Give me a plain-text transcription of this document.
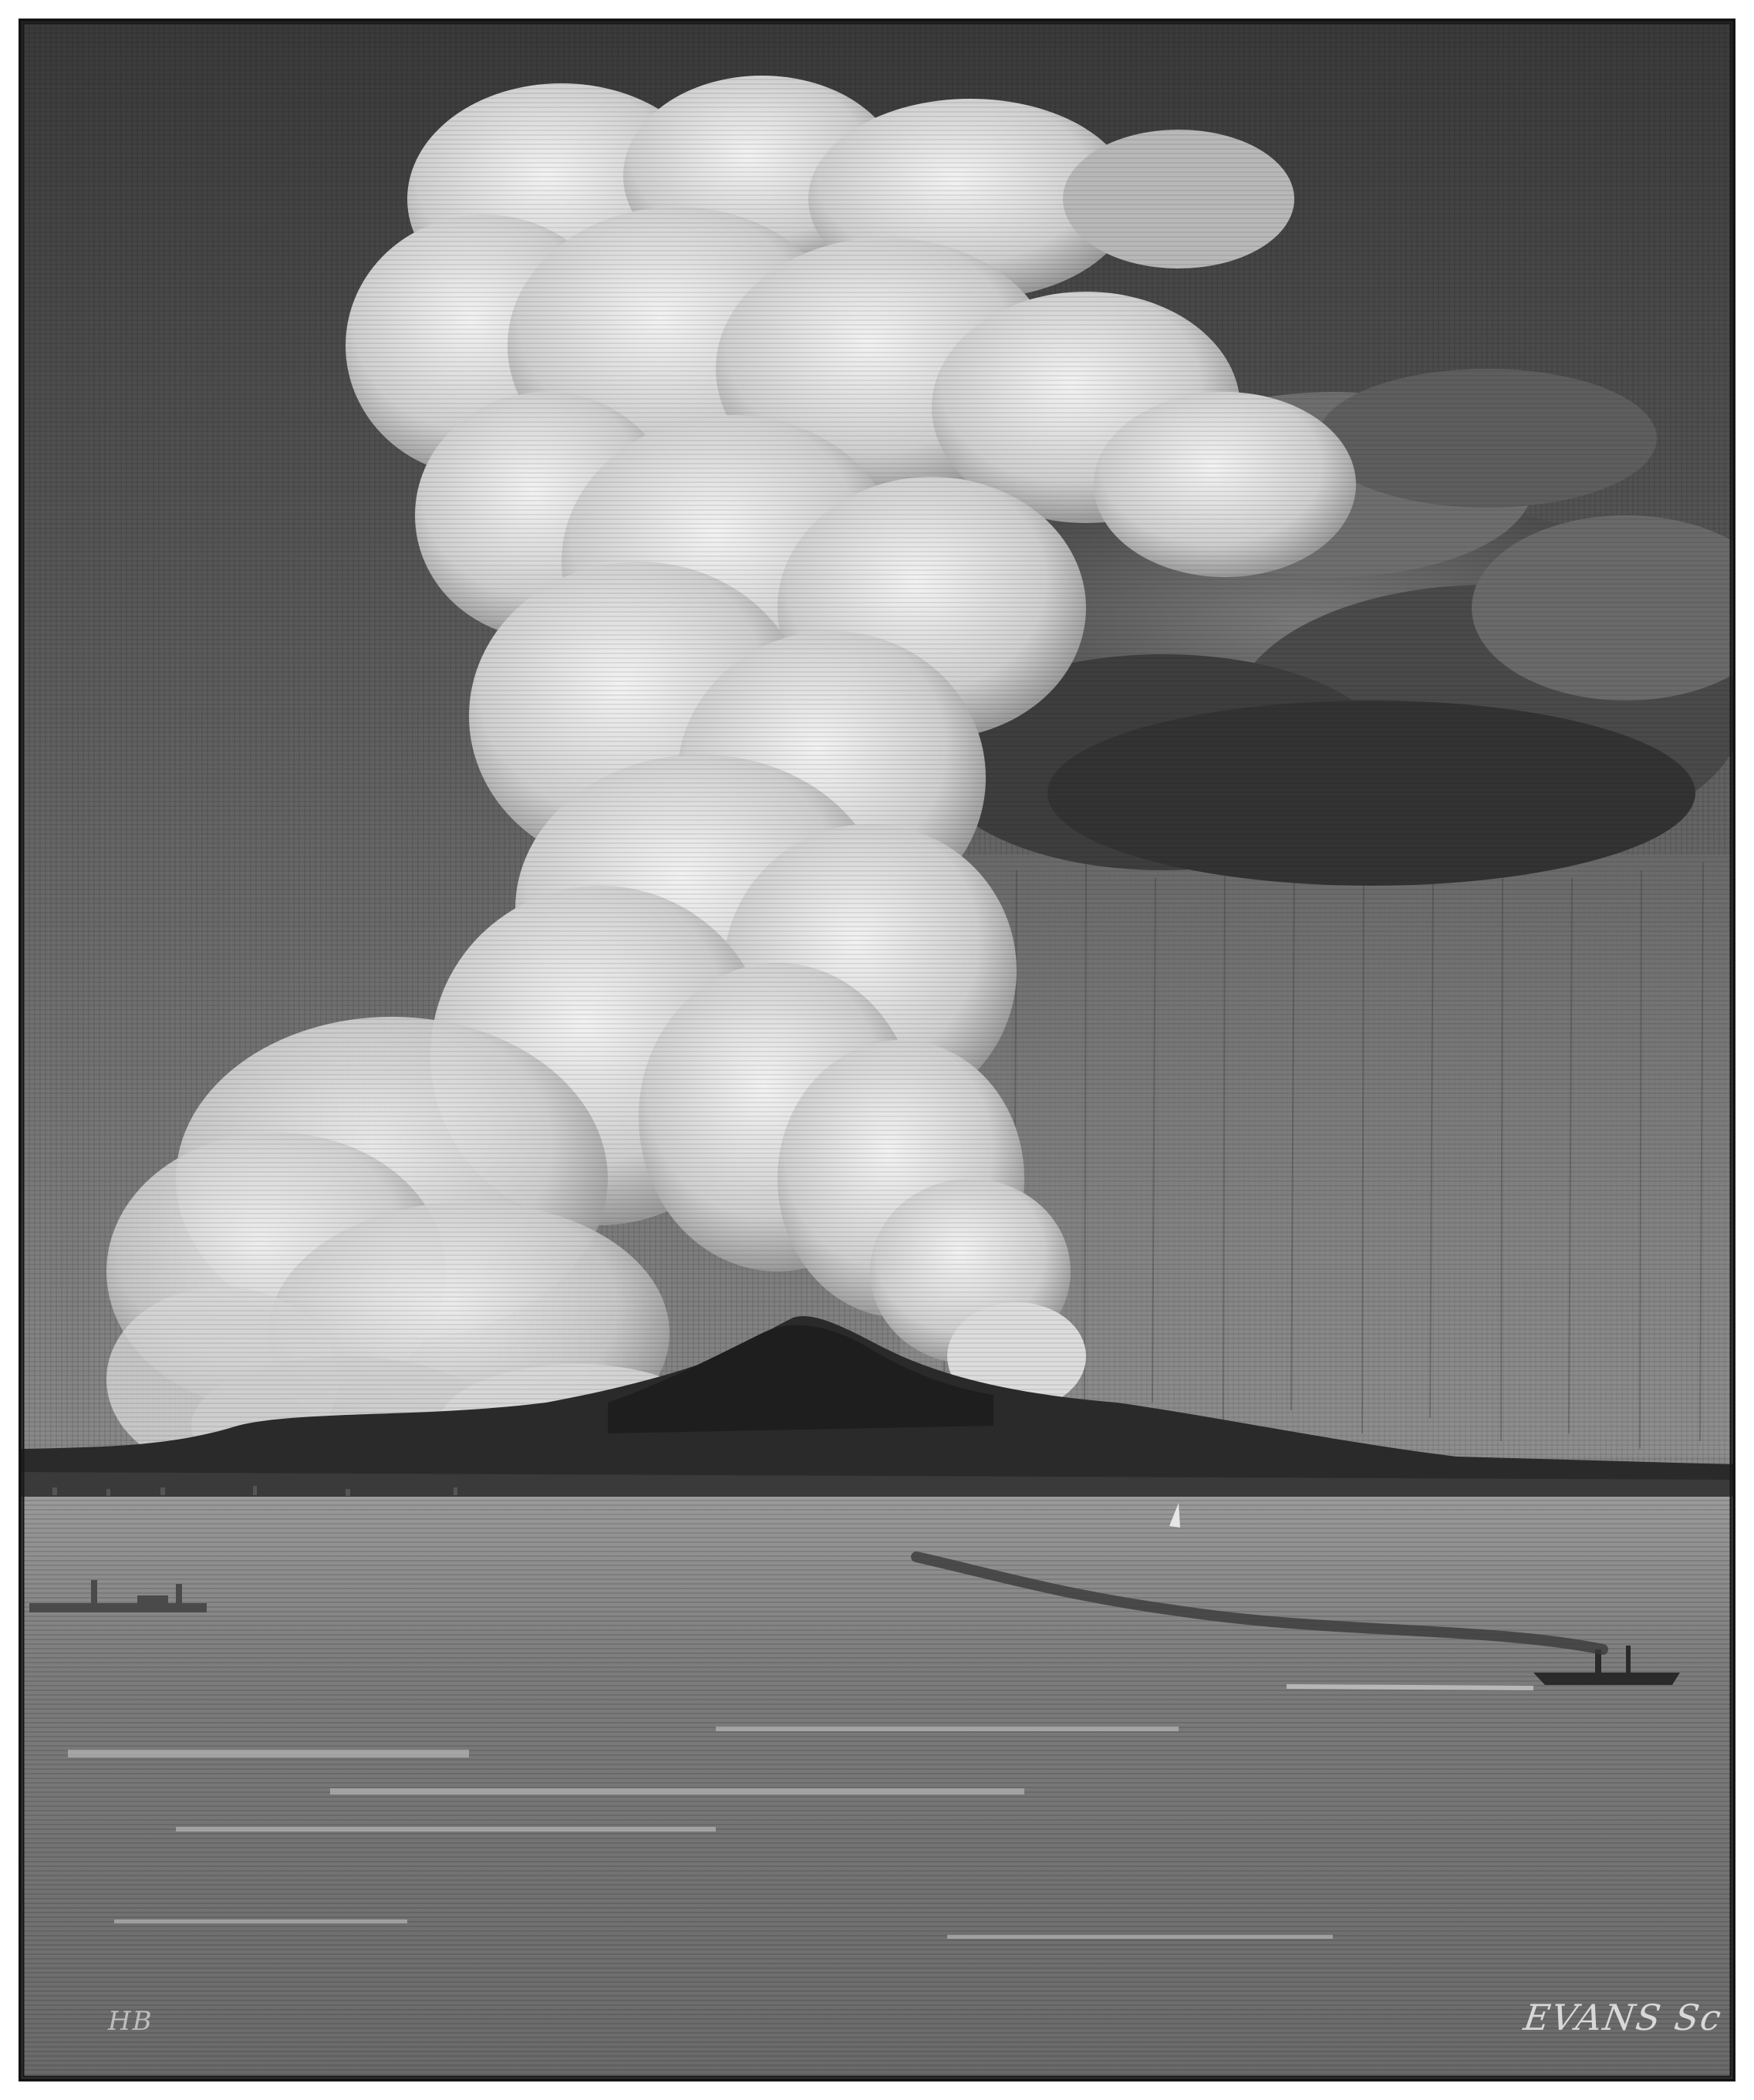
EVANS Sc
HB
